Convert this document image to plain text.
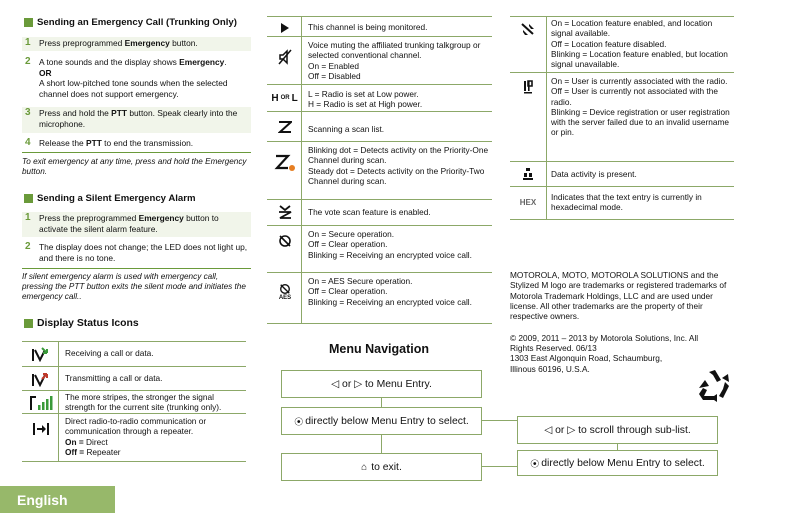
Sending an Emergency Call (Trunking Only)
1 Press preprogrammed Emergency button.
2 A tone sounds and the display shows Emergency.
OR
A short low-pitched tone sounds when the selected channel does not support emergency.
3 Press and hold the PTT button. Speak clearly into the microphone.
4 Release the PTT to end the transmission.
To exit emergency at any time, press and hold the Emergency button.
Sending a Silent Emergency Alarm
1 Press the preprogrammed Emergency button to activate the silent alarm feature.
2 The display does not change; the LED does not light up, and there is no tone.
If silent emergency alarm is used with emergency call, pressing the PTT button exits the silent mode and initiates the emergency call..
Display Status Icons
Receiving a call or data.
Transmitting a call or data.
The more stripes, the stronger the signal strength for the current site (trunking only).
Direct radio-to-radio communication or communication through a repeater.
On = Direct
Off = Repeater
English
This channel is being monitored.
Voice muting the affiliated trunking talkgroup or selected conventional channel.
On = Enabled
Off = Disabled
H OR L	L = Radio is set at Low power.
H = Radio is set at High power.
Scanning a scan list.
Blinking dot = Detects activity on the Priority-One Channel during scan.
Steady dot = Detects activity on the Priority-Two Channel during scan.
The vote scan feature is enabled.
On = Secure operation.
Off = Clear operation.
Blinking = Receiving an encrypted voice call.
AES
On = AES Secure operation.
Off = Clear operation.
Blinking = Receiving an encrypted voice call.
Menu Navigation
◁ or ▷ to Menu Entry.
⦿ directly below Menu Entry to select.
⌂ to exit.
◁ or ▷ to scroll through sub-list.
⦿ directly below Menu Entry to select.
On = Location feature enabled, and location signal available.
Off = Location feature disabled.
Blinking = Location feature enabled, but location signal unavailable.
On = User is currently associated with the radio.
Off = User is currently not associated with the radio.
Blinking = Device registration or user registration with the server failed due to an invalid username or pin.
Data activity is present.
HEX	Indicates that the text entry is currently in hexadecimal mode.
MOTOROLA, MOTO, MOTOROLA SOLUTIONS and the Stylized M logo are trademarks or registered trademarks of Motorola Trademark Holdings, LLC and are used under license. All other trademarks are the property of their respective owners.
© 2009, 2011 – 2013 by Motorola Solutions, Inc. All Rights Reserved. 06/13
1303 East Algonquin Road, Schaumburg,
Illinous 60196, U.S.A.
